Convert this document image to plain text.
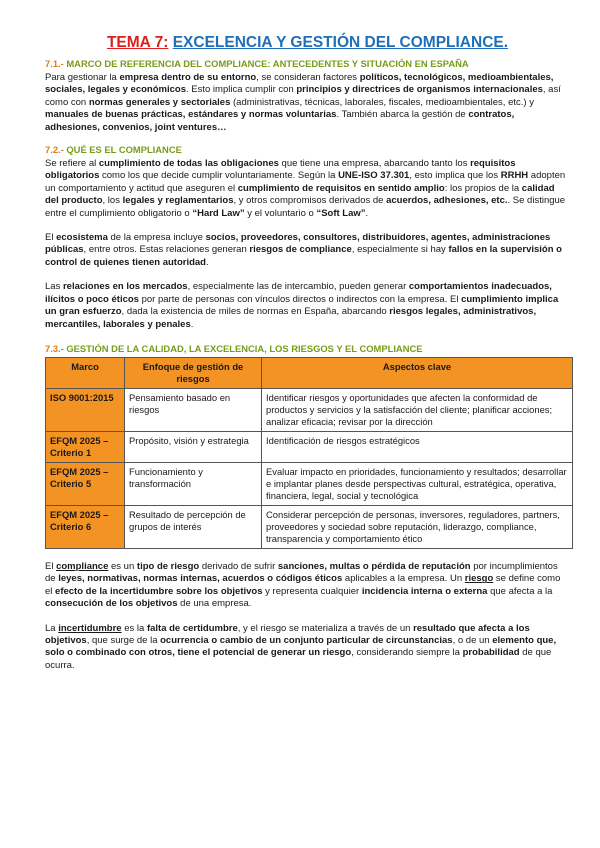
TEMA 7: EXCELENCIA Y GESTIÓN DEL COMPLIANCE.
7.1.- MARCO DE REFERENCIA DEL COMPLIANCE: ANTECEDENTES Y SITUACIÓN EN ESPAÑA

Para gestionar la empresa dentro de su entorno, se consideran factores políticos, tecnológicos, medioambientales, sociales, legales y económicos. Esto implica cumplir con principios y directrices de organismos internacionales, así como con normas generales y sectoriales (administrativas, técnicas, laborales, fiscales, medioambientales, etc.) y manuales de buenas prácticas, estándares y normas voluntarias. También abarca la gestión de contratos, adhesiones, convenios, joint ventures…

7.2.- QUÉ ES EL COMPLIANCE

Se refiere al cumplimiento de todas las obligaciones que tiene una empresa, abarcando tanto los requisitos obligatorios como los que decide cumplir voluntariamente. Según la UNE-ISO 37.301, esto implica que los RRHH adopten un comportamiento y actitud que aseguren el cumplimiento de requisitos en sentido amplio: los propios de la calidad del producto, los legales y reglamentarios, y otros compromisos derivados de acuerdos, adhesiones, etc.. Se distingue entre el cumplimiento obligatorio o “Hard Law” y el voluntario o “Soft Law”.

El ecosistema de la empresa incluye socios, proveedores, consultores, distribuidores, agentes, administraciones públicas, entre otros. Estas relaciones generan riesgos de compliance, especialmente si hay fallos en la supervisión o control de quienes tienen autoridad.

Las relaciones en los mercados, especialmente las de intercambio, pueden generar comportamientos inadecuados, ilícitos o poco éticos por parte de personas con vínculos directos o indirectos con la empresa. El cumplimiento implica un gran esfuerzo, dada la existencia de miles de normas en España, abarcando riesgos legales, administrativos, mercantiles, laborales y penales.

7.3.- GESTIÓN DE LA CALIDAD, LA EXCELENCIA, LOS RIESGOS Y EL COMPLIANCE
Marco	Enfoque de gestión de riesgos	Aspectos clave
ISO 9001:2015	Pensamiento basado en riesgos	Identificar riesgos y oportunidades que afecten la conformidad de productos y servicios y la satisfacción del cliente; planificar acciones; analizar eficacia; revisar por la dirección
EFQM 2025 – Criterio 1	Propósito, visión y estrategia	Identificación de riesgos estratégicos
EFQM 2025 – Criterio 5	Funcionamiento y transformación	Evaluar impacto en prioridades, funcionamiento y resultados; desarrollar e implantar planes desde perspectivas cultural, estratégica, operativa, financiera, legal, social y tecnológica
EFQM 2025 – Criterio 6	Resultado de percepción de grupos de interés	Considerar percepción de personas, inversores, reguladores, partners, proveedores y sociedad sobre reputación, liderazgo, compliance, transparencia y comportamiento ético

El compliance es un tipo de riesgo derivado de sufrir sanciones, multas o pérdida de reputación por incumplimientos de leyes, normativas, normas internas, acuerdos o códigos éticos aplicables a la empresa. Un riesgo se define como el efecto de la incertidumbre sobre los objetivos y representa cualquier incidencia interna o externa que afecta a la consecución de los objetivos de una empresa.

La incertidumbre es la falta de certidumbre, y el riesgo se materializa a través de un resultado que afecta a los objetivos, que surge de la ocurrencia o cambio de un conjunto particular de circunstancias, o de un elemento que, solo o combinado con otros, tiene el potencial de generar un riesgo, considerando siempre la probabilidad de que ocurra.
